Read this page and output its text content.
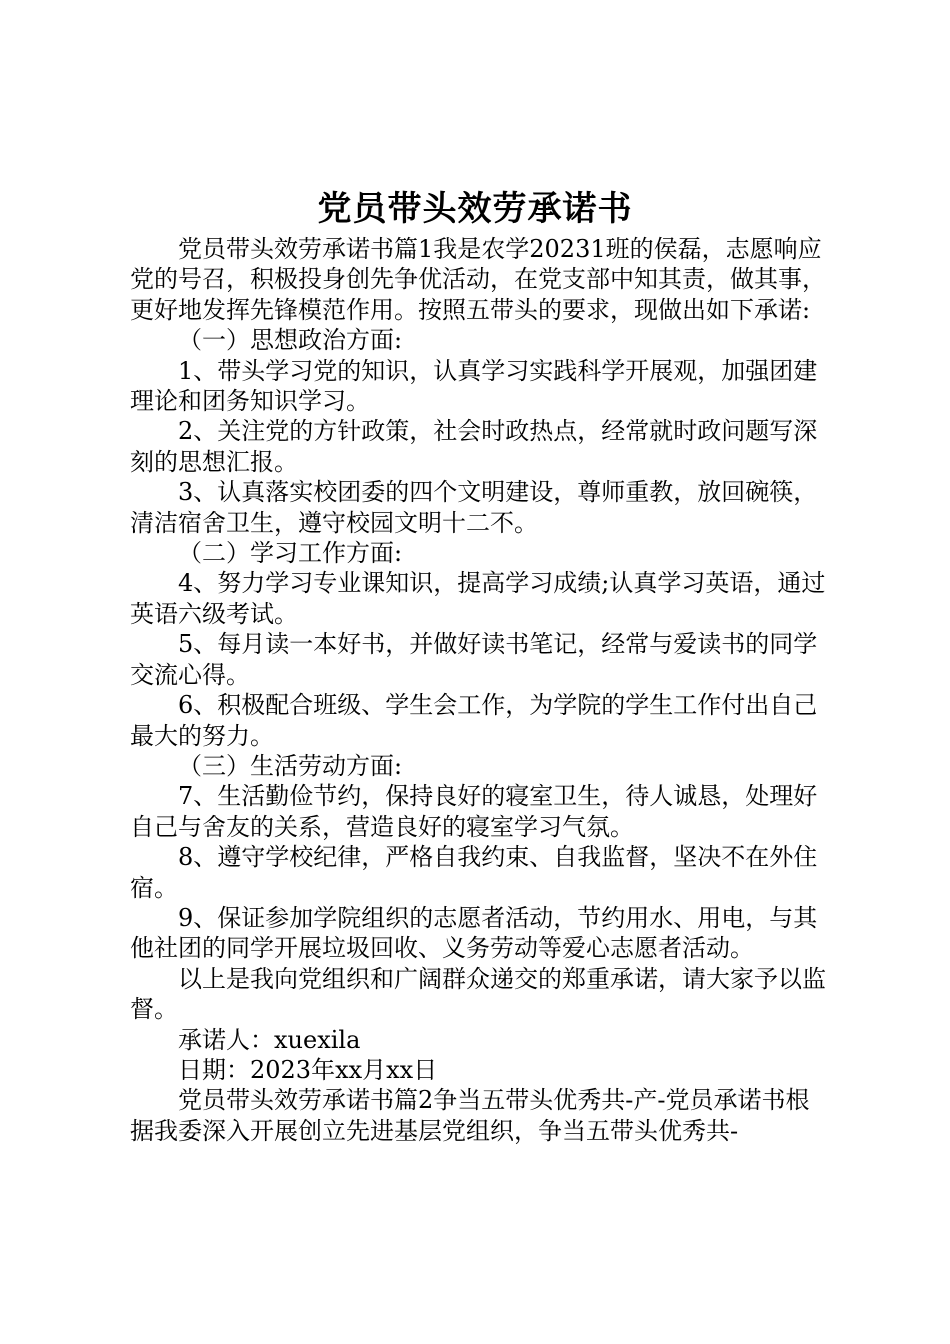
党员带头效劳承诺书

党员带头效劳承诺书篇1我是农学20231班的侯磊，志愿响应党的号召，积极投身创先争优活动，在党支部中知其责，做其事，更好地发挥先锋模范作用。按照五带头的要求，现做出如下承诺:

（一）思想政治方面:

1、带头学习党的知识，认真学习实践科学开展观，加强团建理论和团务知识学习。

2、关注党的方针政策，社会时政热点，经常就时政问题写深刻的思想汇报。

3、认真落实校团委的四个文明建设，尊师重教，放回碗筷，清洁宿舍卫生，遵守校园文明十二不。

（二）学习工作方面:

4、努力学习专业课知识，提高学习成绩;认真学习英语，通过英语六级考试。

5、每月读一本好书，并做好读书笔记，经常与爱读书的同学交流心得。

6、积极配合班级、学生会工作，为学院的学生工作付出自己最大的努力。

（三）生活劳动方面:

7、生活勤俭节约，保持良好的寝室卫生，待人诚恳，处理好自己与舍友的关系，营造良好的寝室学习气氛。

8、遵守学校纪律，严格自我约束、自我监督，坚决不在外住宿。

9、保证参加学院组织的志愿者活动，节约用水、用电，与其他社团的同学开展垃圾回收、义务劳动等爱心志愿者活动。

以上是我向党组织和广阔群众递交的郑重承诺，请大家予以监督。

承诺人：xuexila

日期：2023年xx月xx日

党员带头效劳承诺书篇2争当五带头优秀共-产-党员承诺书根据我委深入开展创立先进基层党组织，争当五带头优秀共-
